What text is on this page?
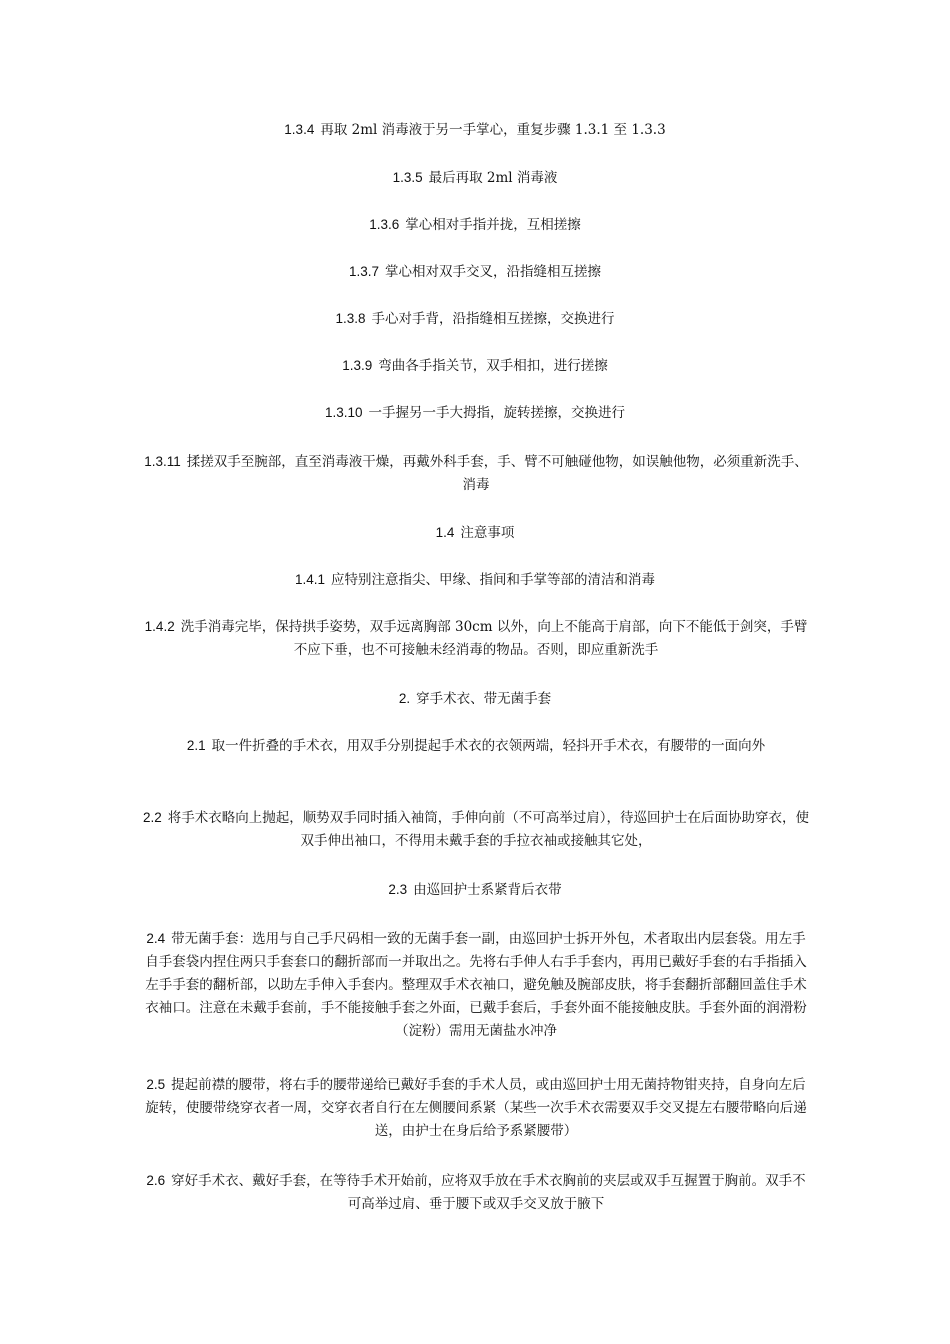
1.3.4 再取 2ml 消毒液于另一手掌心，重复步骤 1.3.1 至 1.3.3

1.3.5 最后再取 2ml 消毒液

1.3.6 掌心相对手指并拢，互相搓擦

1.3.7 掌心相对双手交叉，沿指缝相互搓擦

1.3.8 手心对手背，沿指缝相互搓擦，交换进行

1.3.9 弯曲各手指关节，双手相扣，进行搓擦

1.3.10 一手握另一手大拇指，旋转搓擦，交换进行

1.3.11 揉搓双手至腕部，直至消毒液干燥，再戴外科手套，手、臂不可触碰他物，如误触他物，必须重新洗手、消毒

1.4 注意事项

1.4.1 应特别注意指尖、甲缘、指间和手掌等部的清洁和消毒

1.4.2 洗手消毒完毕，保持拱手姿势，双手远离胸部 30cm 以外，向上不能高于肩部，向下不能低于剑突，手臂不应下垂，也不可接触未经消毒的物品。否则，即应重新洗手

2. 穿手术衣、带无菌手套

2.1 取一件折叠的手术衣，用双手分别提起手术衣的衣领两端，轻抖开手术衣，有腰带的一面向外

2.2 将手术衣略向上抛起，顺势双手同时插入袖筒，手伸向前（不可高举过肩），待巡回护士在后面协助穿衣，使双手伸出袖口，不得用未戴手套的手拉衣袖或接触其它处，

2.3 由巡回护士系紧背后衣带

2.4 带无菌手套：选用与自己手尺码相一致的无菌手套一副，由巡回护士拆开外包，术者取出内层套袋。用左手自手套袋内捏住两只手套套口的翻折部而一并取出之。先将右手伸人右手手套内，再用已戴好手套的右手指插入左手手套的翻析部，以助左手伸入手套内。整理双手术衣袖口，避免触及腕部皮肤，将手套翻折部翻回盖住手术衣袖口。注意在未戴手套前，手不能接触手套之外面，已戴手套后，手套外面不能接触皮肤。手套外面的润滑粉（淀粉）需用无菌盐水冲净

2.5 提起前襟的腰带，将右手的腰带递给已戴好手套的手术人员，或由巡回护士用无菌持物钳夹持，自身向左后旋转，使腰带绕穿衣者一周，交穿衣者自行在左侧腰间系紧（某些一次手术衣需要双手交叉提左右腰带略向后递送，由护士在身后给予系紧腰带）

2.6 穿好手术衣、戴好手套，在等待手术开始前，应将双手放在手术衣胸前的夹层或双手互握置于胸前。双手不可高举过肩、垂于腰下或双手交叉放于腋下
